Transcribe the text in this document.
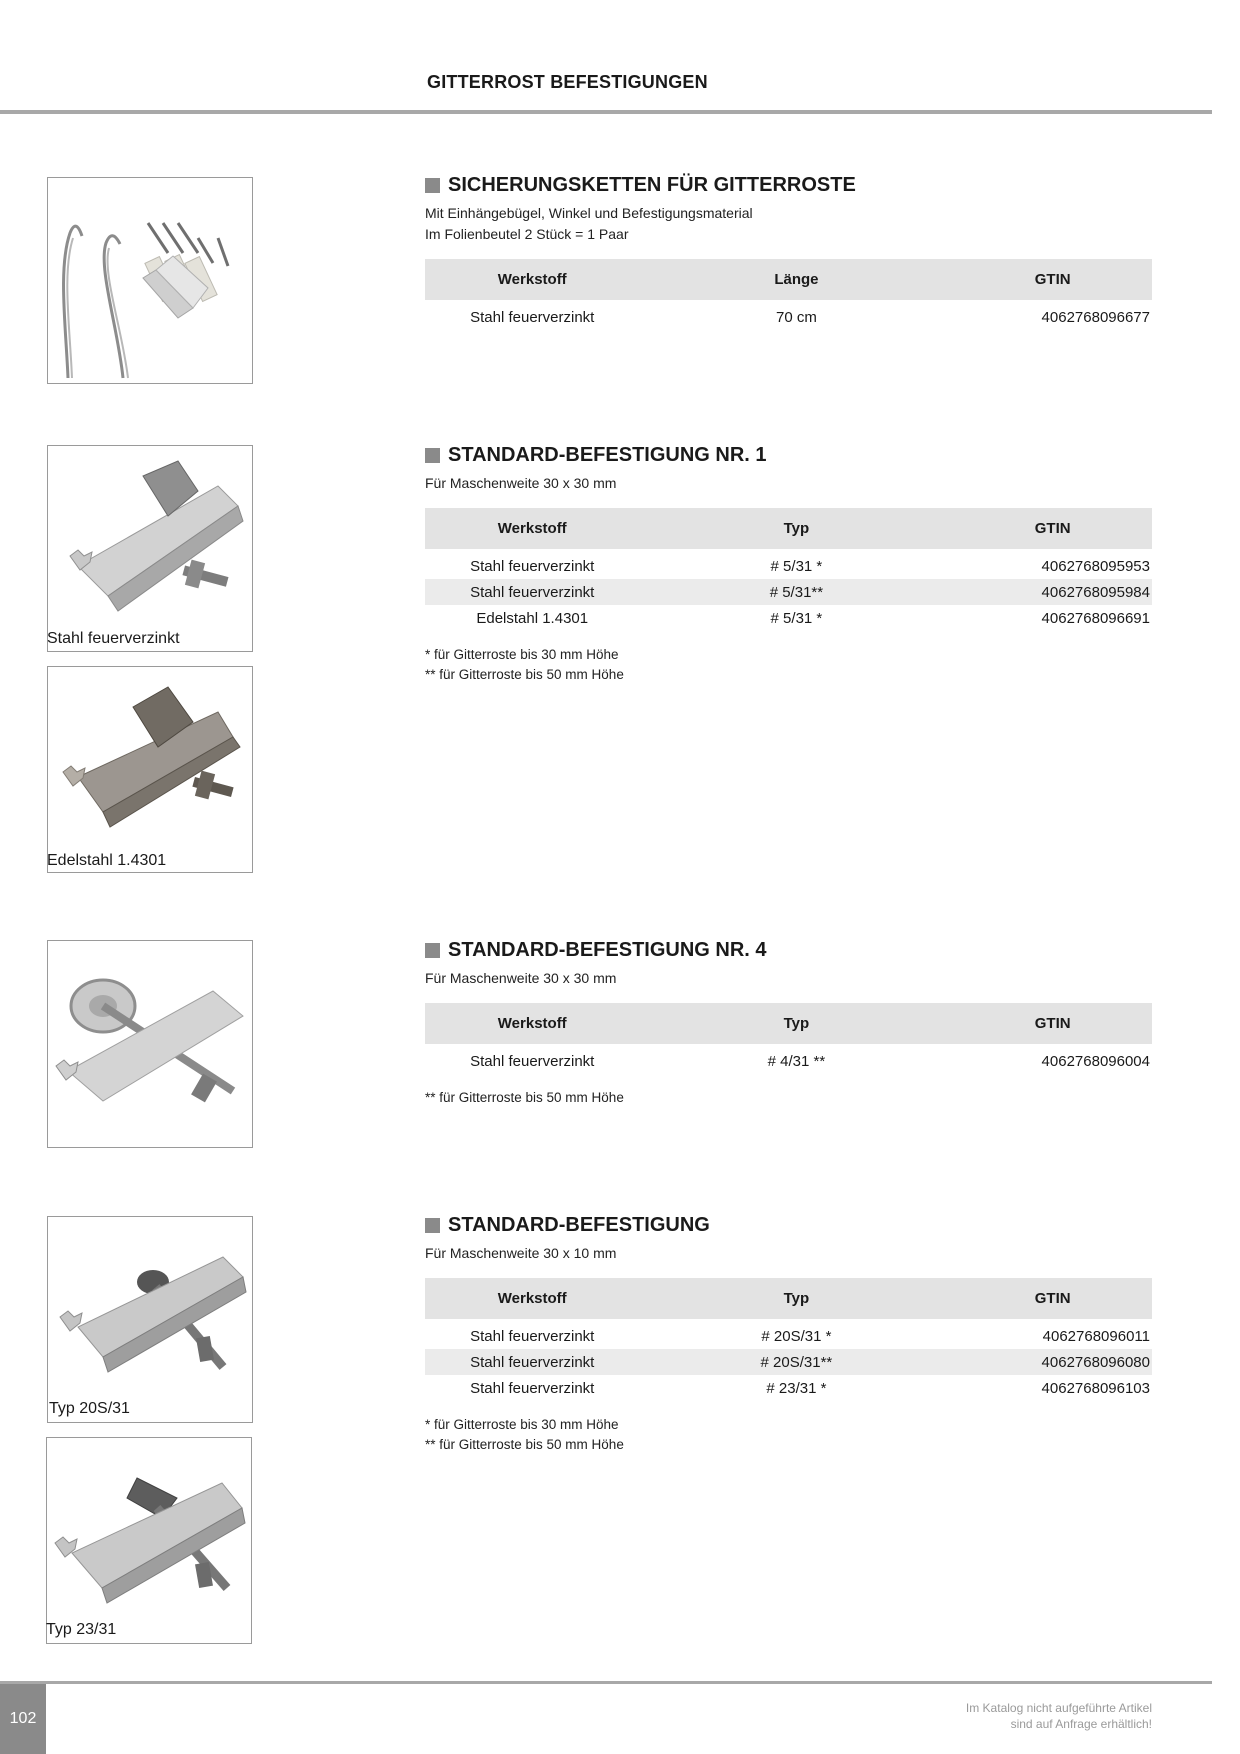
GITTERROST BEFESTIGUNGEN
Stahl feuerverzinkt
Edelstahl 1.4301
Typ 20S/31
Typ 23/31
SICHERUNGSKETTEN FÜR GITTERROSTE
Mit Einhängebügel, Winkel und Befestigungsmaterial
Im Folienbeutel 2 Stück = 1 Paar
Werkstoff	Länge	GTIN
Stahl feuerverzinkt	70 cm	4062768096677
STANDARD-BEFESTIGUNG NR. 1
Für Maschenweite 30 x 30 mm
Werkstoff	Typ	GTIN
Stahl feuerverzinkt	# 5/31 *	4062768095953
Stahl feuerverzinkt	# 5/31**	4062768095984
Edelstahl 1.4301	# 5/31 *	4062768096691
* für Gitterroste bis 30 mm Höhe
** für Gitterroste bis 50 mm Höhe
STANDARD-BEFESTIGUNG NR. 4
Für Maschenweite 30 x 30 mm
Werkstoff	Typ	GTIN
Stahl feuerverzinkt	# 4/31 **	4062768096004
** für Gitterroste bis 50 mm Höhe
STANDARD-BEFESTIGUNG
Für Maschenweite 30 x 10 mm
Werkstoff	Typ	GTIN
Stahl feuerverzinkt	# 20S/31 *	4062768096011
Stahl feuerverzinkt	# 20S/31**	4062768096080
Stahl feuerverzinkt	# 23/31 *	4062768096103
* für Gitterroste bis 30 mm Höhe
** für Gitterroste bis 50 mm Höhe
102
Im Katalog nicht aufgeführte Artikel
sind auf Anfrage erhältlich!
